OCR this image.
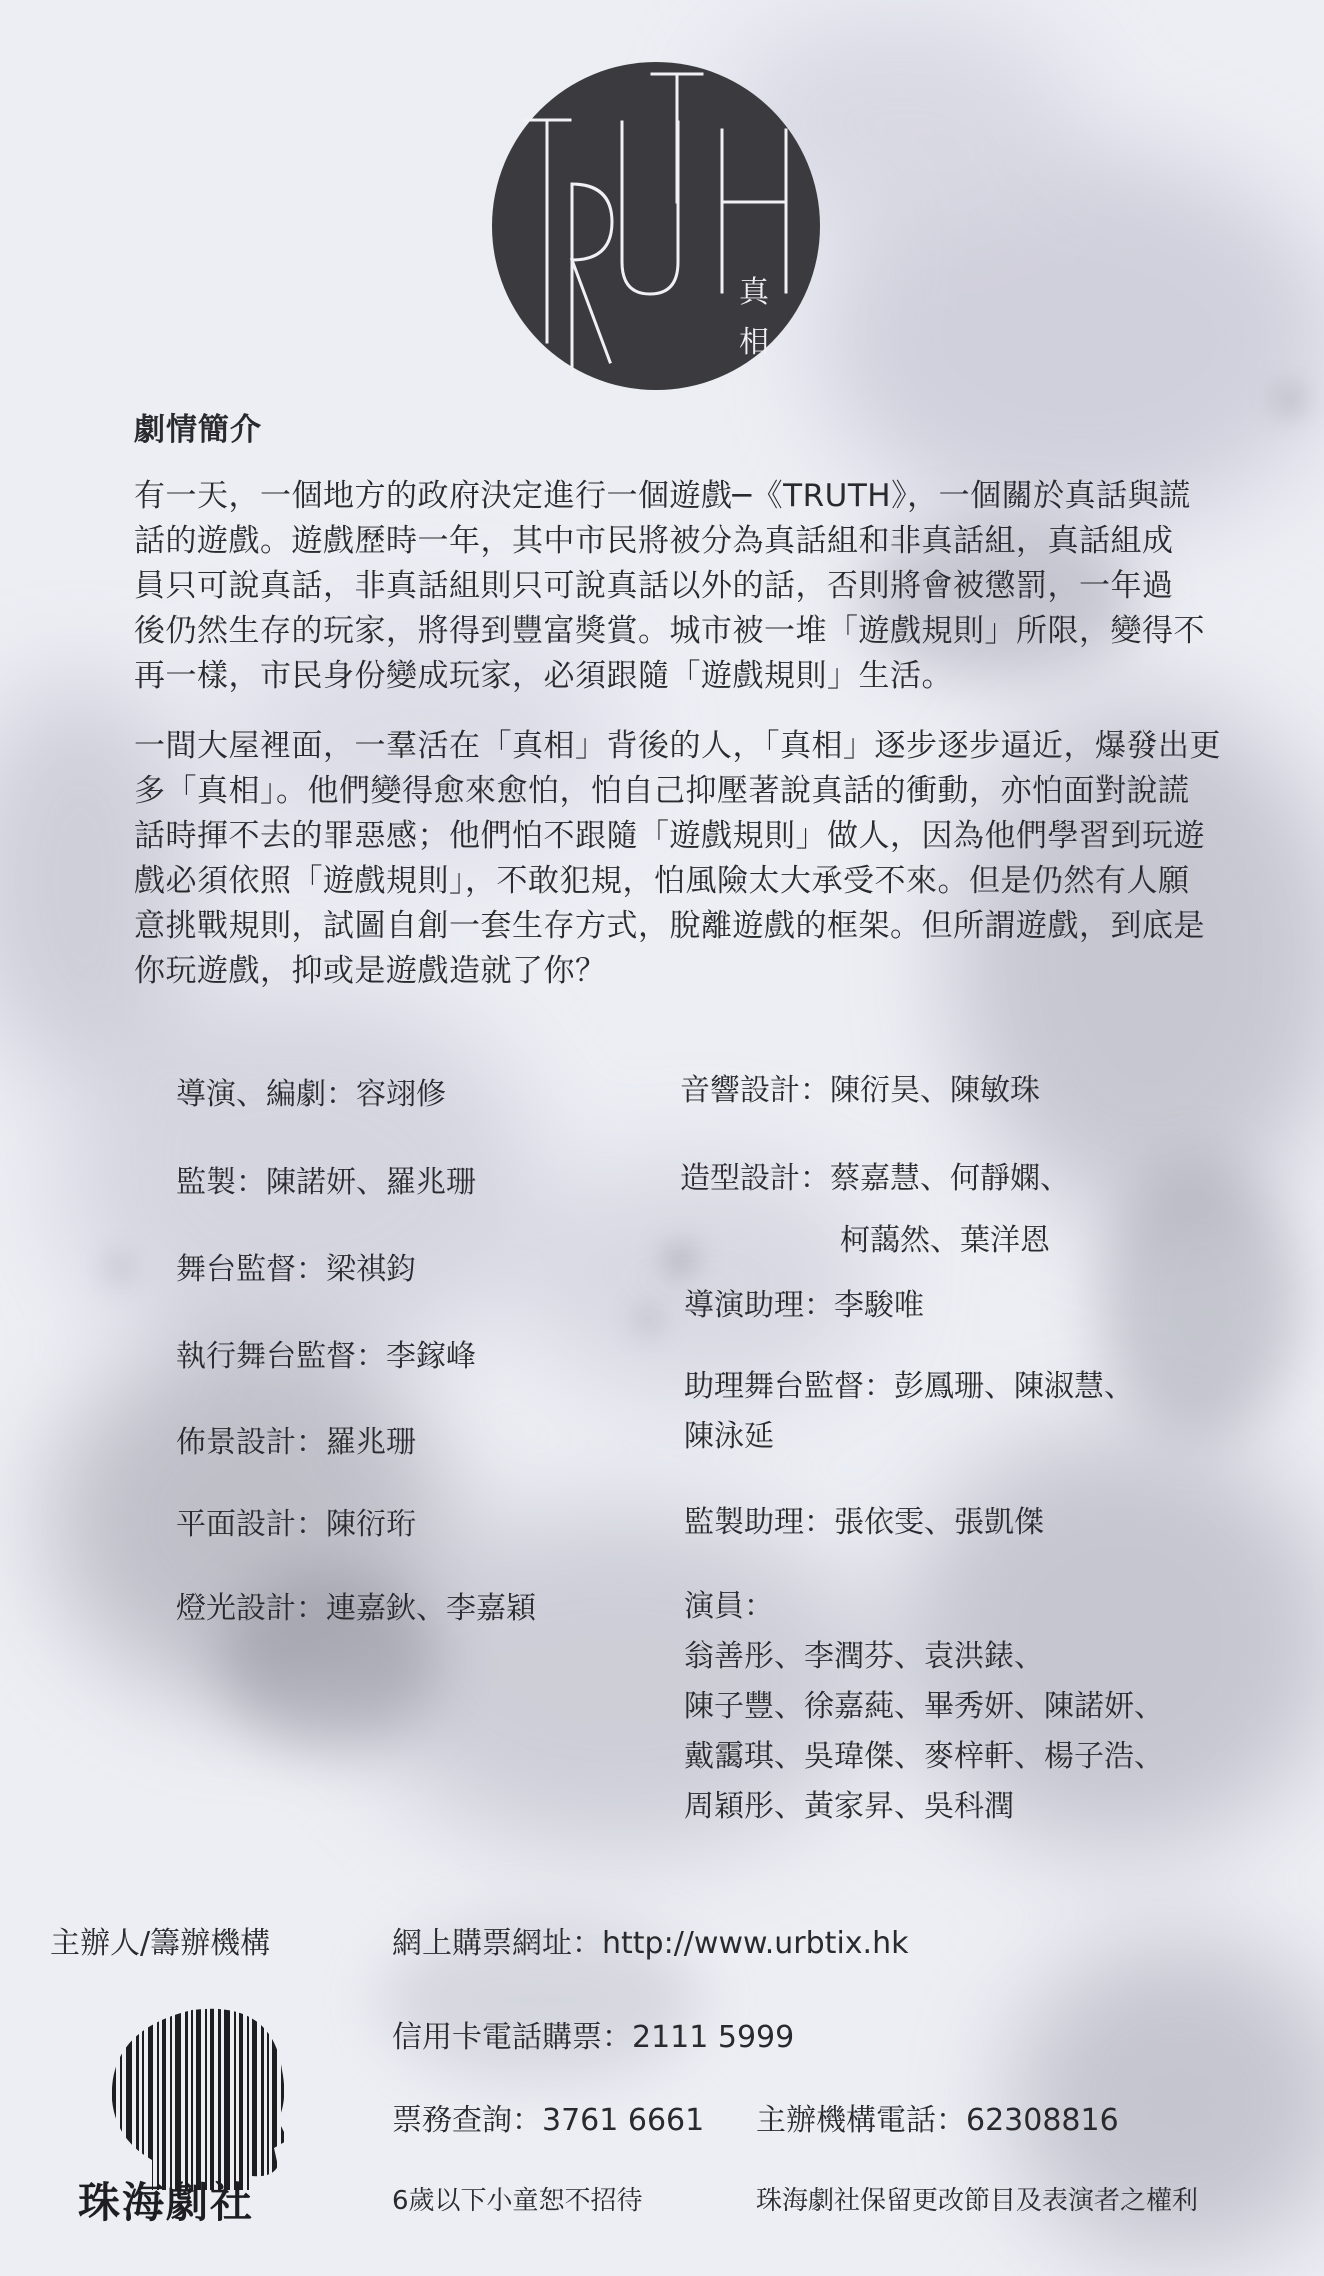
真
相
劇情簡介
有一天，一個地方的政府決定進行一個遊戲─《TRUTH》，一個關於真話與謊
話的遊戲。遊戲歷時一年，其中市民將被分為真話組和非真話組，真話組成
員只可說真話，非真話組則只可說真話以外的話，否則將會被懲罰，一年過
後仍然生存的玩家，將得到豐富獎賞。城市被一堆「遊戲規則」所限，變得不
再一樣，市民身份變成玩家，必須跟隨「遊戲規則」生活。
一間大屋裡面，一羣活在「真相」背後的人，「真相」逐步逐步逼近，爆發出更
多「真相」。他們變得愈來愈怕，怕自己抑壓著說真話的衝動，亦怕面對說謊
話時揮不去的罪惡感；他們怕不跟隨「遊戲規則」做人，因為他們學習到玩遊
戲必須依照「遊戲規則」，不敢犯規，怕風險太大承受不來。但是仍然有人願
意挑戰規則，試圖自創一套生存方式，脫離遊戲的框架。但所謂遊戲，到底是
你玩遊戲，抑或是遊戲造就了你？
導演、編劇：容翊修
監製：陳諾妍、羅兆珊
舞台監督：梁祺鈞
執行舞台監督：李鎵峰
佈景設計：羅兆珊
平面設計：陳衍珩
燈光設計：連嘉鈥、李嘉穎
音響設計：陳衍昊、陳敏珠
造型設計：蔡嘉慧、何靜嫻、
柯藹然、葉洋恩
導演助理：李駿唯
助理舞台監督：彭鳳珊、陳淑慧、
陳泳延
監製助理：張依雯、張凱傑
演員：
翁善彤、李潤芬、袁洪錶、
陳子豐、徐嘉蒓、畢秀妍、陳諾妍、
戴靄琪、吳瑋傑、麥梓軒、楊子浩、
周穎彤、黃家昇、吳科潤
主辦人/籌辦機構	網上購票網址：http://www.urbtix.hk
信用卡電話購票：2111 5999
票務查詢：3761 6661 主辦機構電話：62308816
6歲以下小童恕不招待	珠海劇社保留更改節目及表演者之權利
珠海劇社
